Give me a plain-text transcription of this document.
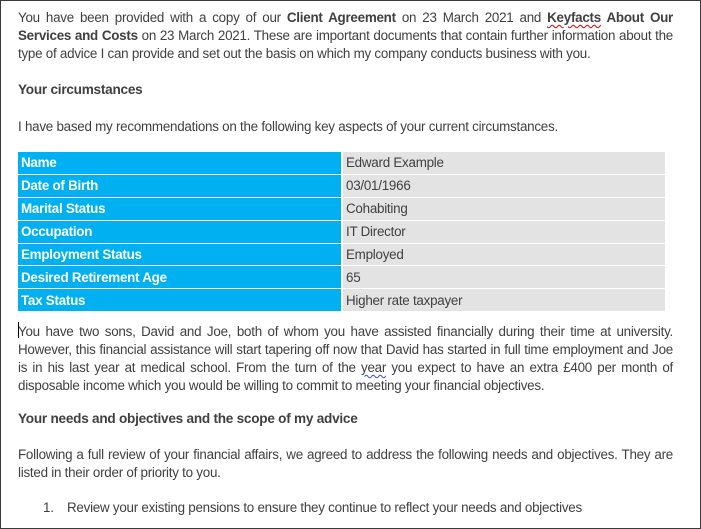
You have been provided with a copy of our Client Agreement on 23 March 2021 and Keyfacts About Our Services and Costs on 23 March 2021. These are important documents that contain further information about the type of advice I can provide and set out the basis on which my company conducts business with you.
Your circumstances
I have based my recommendations on the following key aspects of your current circumstances.
Name	Edward Example
Date of Birth	03/01/1966
Marital Status	Cohabiting
Occupation	IT Director
Employment Status	Employed
Desired Retirement Age	65
Tax Status	Higher rate taxpayer
You have two sons, David and Joe, both of whom you have assisted financially during their time at university. However, this financial assistance will start tapering off now that David has started in full time employment and Joe is in his last year at medical school. From the turn of the year you expect to have an extra £400 per month of disposable income which you would be willing to commit to meeting your financial objectives.
Your needs and objectives and the scope of my advice
Following a full review of your financial affairs, we agreed to address the following needs and objectives. They are listed in their order of priority to you.
1. Review your existing pensions to ensure they continue to reflect your needs and objectives
